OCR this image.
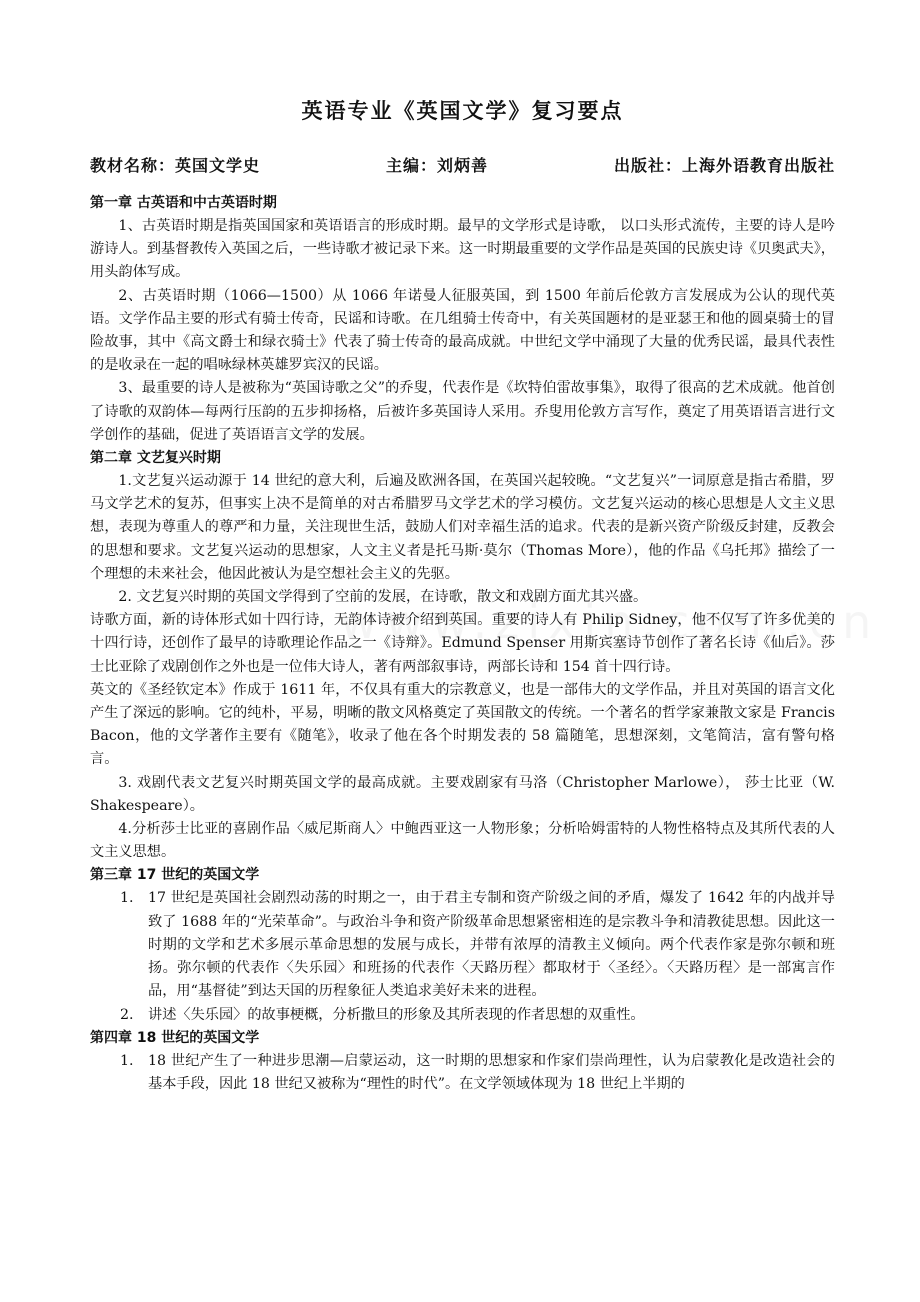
英语专业《英国文学》复习要点
教材名称：英国文学史	主编：刘炳善	出版社：上海外语教育出版社
第一章 古英语和中古英语时期

1、古英语时期是指英国国家和英语语言的形成时期。最早的文学形式是诗歌， 以口头形式流传，主要的诗人是吟游诗人。到基督教传入英国之后，一些诗歌才被记录下来。这一时期最重要的文学作品是英国的民族史诗《贝奥武夫》，用头韵体写成。

2、古英语时期（1066—1500）从 1066 年诺曼人征服英国，到 1500 年前后伦敦方言发展成为公认的现代英语。文学作品主要的形式有骑士传奇，民谣和诗歌。在几组骑士传奇中，有关英国题材的是亚瑟王和他的圆桌骑士的冒险故事，其中《高文爵士和绿衣骑士》代表了骑士传奇的最高成就。中世纪文学中涌现了大量的优秀民谣，最具代表性的是收录在一起的唱咏绿林英雄罗宾汉的民谣。

3、最重要的诗人是被称为“英国诗歌之父”的乔叟，代表作是《坎特伯雷故事集》，取得了很高的艺术成就。他首创了诗歌的双韵体—每两行压韵的五步抑扬格，后被许多英国诗人采用。乔叟用伦敦方言写作，奠定了用英语语言进行文学创作的基础，促进了英语语言文学的发展。

第二章 文艺复兴时期

1.文艺复兴运动源于 14 世纪的意大利，后遍及欧洲各国，在英国兴起较晚。“文艺复兴”一词原意是指古希腊，罗马文学艺术的复苏，但事实上决不是简单的对古希腊罗马文学艺术的学习模仿。文艺复兴运动的核心思想是人文主义思想，表现为尊重人的尊严和力量，关注现世生活，鼓励人们对幸福生活的追求。代表的是新兴资产阶级反封建，反教会的思想和要求。文艺复兴运动的思想家，人文主义者是托马斯·莫尔（Thomas More），他的作品《乌托邦》描绘了一个理想的未来社会，他因此被认为是空想社会主义的先驱。

2. 文艺复兴时期的英国文学得到了空前的发展，在诗歌，散文和戏剧方面尤其兴盛。

诗歌方面，新的诗体形式如十四行诗，无韵体诗被介绍到英国。重要的诗人有 Philip Sidney，他不仅写了许多优美的十四行诗，还创作了最早的诗歌理论作品之一《诗辩》。Edmund Spenser 用斯宾塞诗节创作了著名长诗《仙后》。莎士比亚除了戏剧创作之外也是一位伟大诗人，著有两部叙事诗，两部长诗和 154 首十四行诗。

英文的《圣经钦定本》作成于 1611 年，不仅具有重大的宗教意义，也是一部伟大的文学作品，并且对英国的语言文化产生了深远的影响。它的纯朴，平易，明晰的散文风格奠定了英国散文的传统。一个著名的哲学家兼散文家是 Francis Bacon，他的文学著作主要有《随笔》，收录了他在各个时期发表的 58 篇随笔，思想深刻，文笔简洁，富有警句格言。

3. 戏剧代表文艺复兴时期英国文学的最高成就。主要戏剧家有马洛（Christopher Marlowe）， 莎士比亚（W. Shakespeare）。

4.分析莎士比亚的喜剧作品〈威尼斯商人〉中鲍西亚这一人物形象；分析哈姆雷特的人物性格特点及其所代表的人文主义思想。

第三章 17 世纪的英国文学
1.	17 世纪是英国社会剧烈动荡的时期之一，由于君主专制和资产阶级之间的矛盾，爆发了 1642 年的内战并导致了 1688 年的“光荣革命”。与政治斗争和资产阶级革命思想紧密相连的是宗教斗争和清教徒思想。因此这一时期的文学和艺术多展示革命思想的发展与成长，并带有浓厚的清教主义倾向。两个代表作家是弥尔顿和班扬。弥尔顿的代表作〈失乐园〉和班扬的代表作〈天路历程〉都取材于〈圣经〉。〈天路历程〉是一部寓言作品，用“基督徒”到达天国的历程象征人类追求美好未来的进程。
2.	讲述〈失乐园〉的故事梗概，分析撒旦的形象及其所表现的作者思想的双重性。
第四章 18 世纪的英国文学
1.	18 世纪产生了一种进步思潮—启蒙运动，这一时期的思想家和作家们崇尚理性，认为启蒙教化是改造社会的基本手段，因此 18 世纪又被称为“理性的时代”。在文学领域体现为 18 世纪上半期的
